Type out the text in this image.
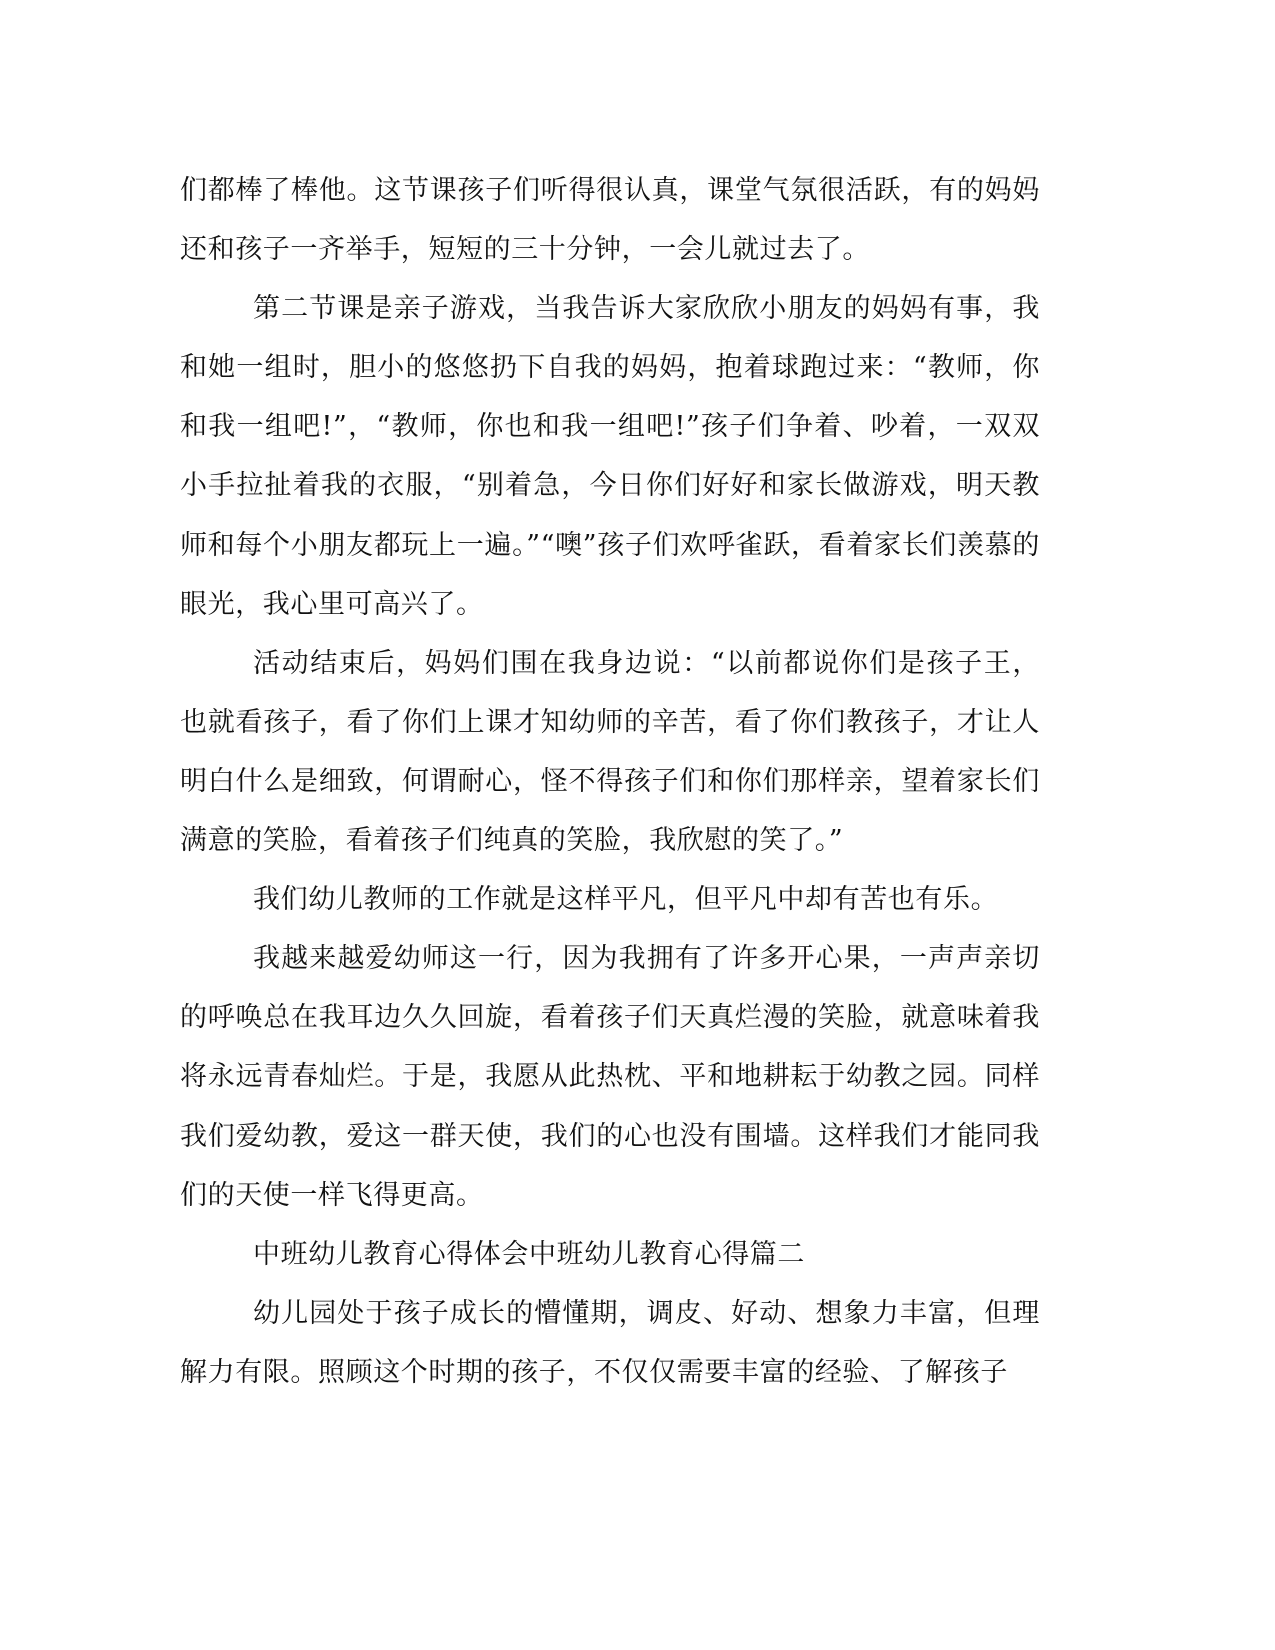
们都棒了棒他。这节课孩子们听得很认真，课堂气氛很活跃，有的妈妈还和孩子一齐举手，短短的三十分钟，一会儿就过去了。

第二节课是亲子游戏，当我告诉大家欣欣小朋友的妈妈有事，我和她一组时，胆小的悠悠扔下自我的妈妈，抱着球跑过来：“教师，你和我一组吧!”，“教师，你也和我一组吧!”孩子们争着、吵着，一双双小手拉扯着我的衣服，“别着急，今日你们好好和家长做游戏，明天教师和每个小朋友都玩上一遍。”“噢”孩子们欢呼雀跃，看着家长们羡慕的眼光，我心里可高兴了。

活动结束后，妈妈们围在我身边说：“以前都说你们是孩子王，也就看孩子，看了你们上课才知幼师的辛苦，看了你们教孩子，才让人明白什么是细致，何谓耐心，怪不得孩子们和你们那样亲，望着家长们满意的笑脸，看着孩子们纯真的笑脸，我欣慰的笑了。”

我们幼儿教师的工作就是这样平凡，但平凡中却有苦也有乐。

我越来越爱幼师这一行，因为我拥有了许多开心果，一声声亲切的呼唤总在我耳边久久回旋，看着孩子们天真烂漫的笑脸，就意味着我将永远青春灿烂。于是，我愿从此热枕、平和地耕耘于幼教之园。同样我们爱幼教，爱这一群天使，我们的心也没有围墙。这样我们才能同我们的天使一样飞得更高。

中班幼儿教育心得体会中班幼儿教育心得篇二

幼儿园处于孩子成长的懵懂期，调皮、好动、想象力丰富，但理解力有限。照顾这个时期的孩子，不仅仅需要丰富的经验、了解孩子
